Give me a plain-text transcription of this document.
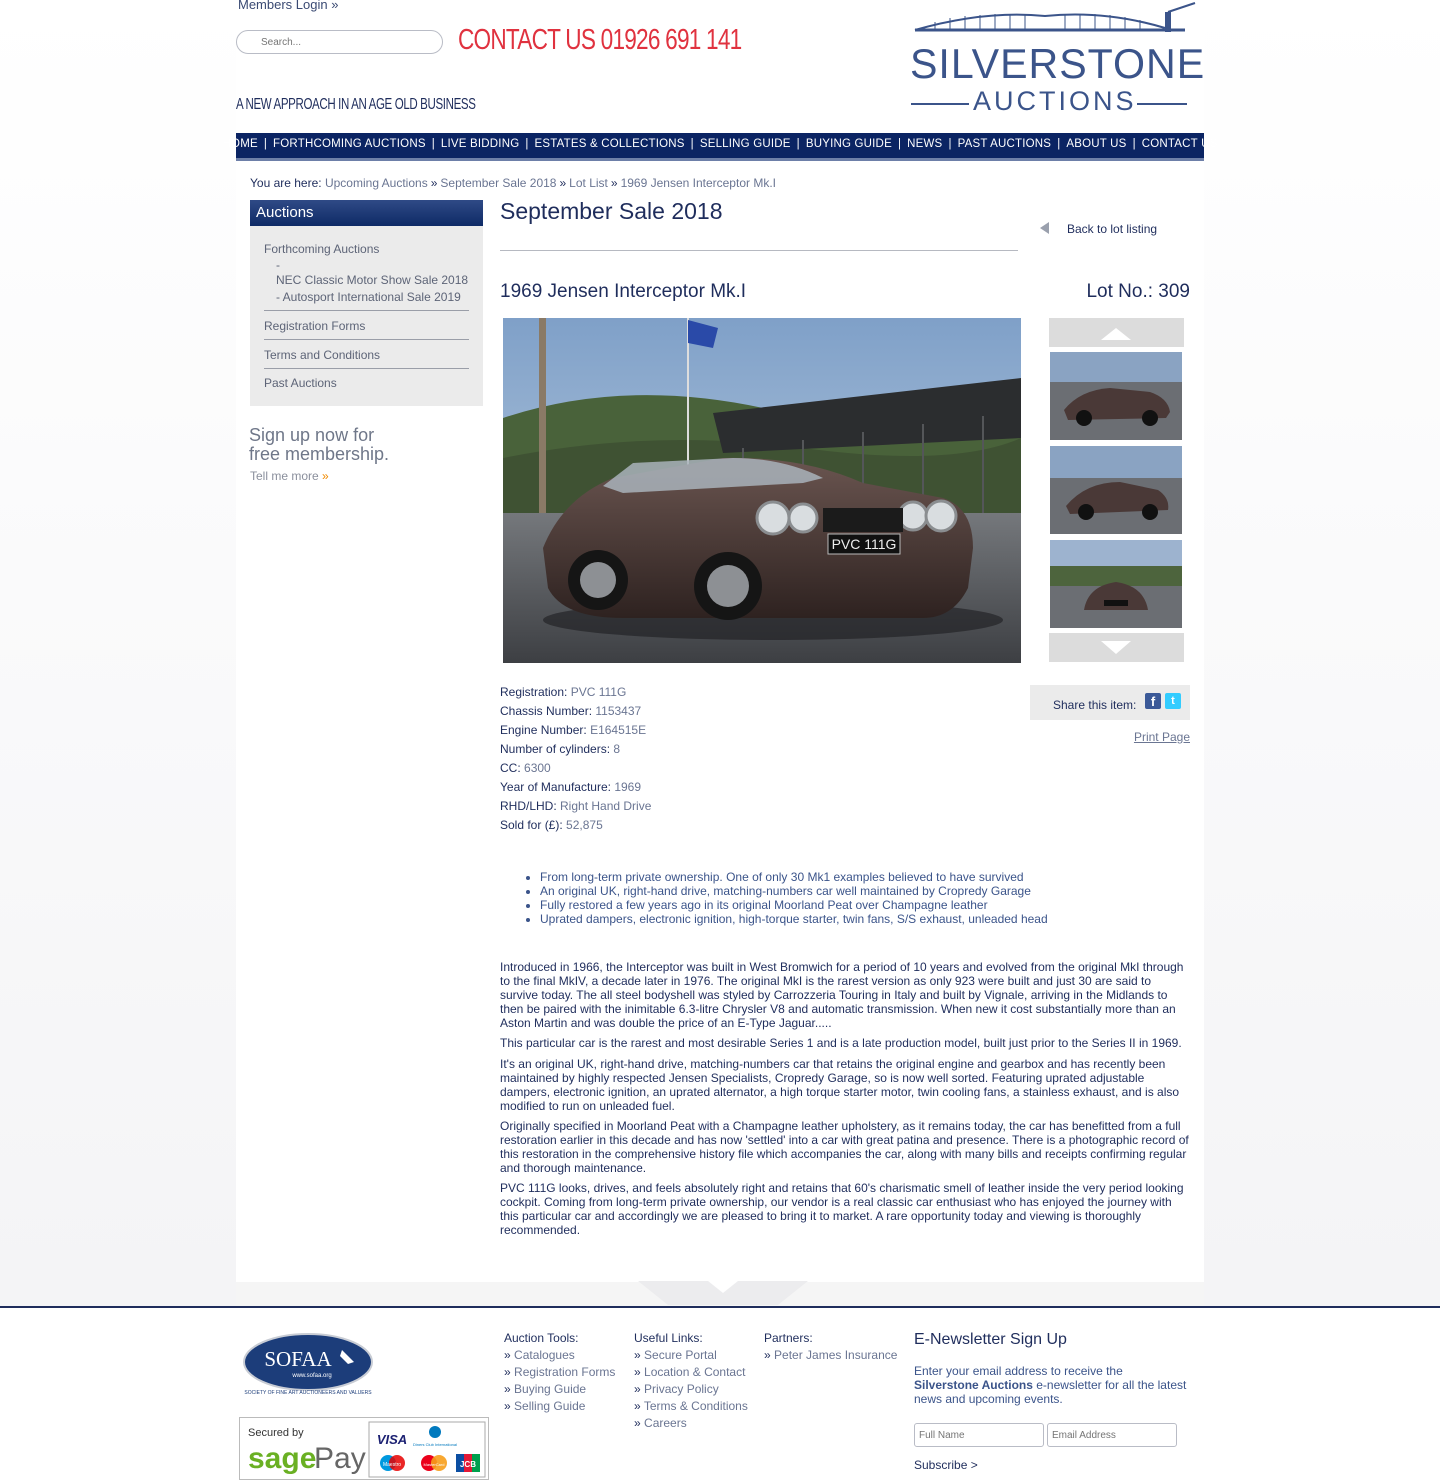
Members Login »
Search...
CONTACT US 01926 691 141
A NEW APPROACH IN AN AGE OLD BUSINESS
SILVERSTONE
AUCTIONS
HOME | FORTHCOMING AUCTIONS | LIVE BIDDING | ESTATES & COLLECTIONS | SELLING GUIDE | BUYING GUIDE | NEWS | PAST AUCTIONS | ABOUT US | CONTACT US
You are here: Upcoming Auctions » September Sale 2018 » Lot List » 1969 Jensen Interceptor Mk.I
Auctions
Forthcoming Auctions
-
NEC Classic Motor Show Sale 2018
- Autosport International Sale 2019
Registration Forms
Terms and Conditions
Past Auctions
Sign up now for
free membership.
Tell me more »
September Sale 2018
Back to lot listing
1969 Jensen Interceptor Mk.I	Lot No.: 309
PVC 111G
Registration: PVC 111G
Chassis Number: 1153437
Engine Number: E164515E
Number of cylinders: 8
CC: 6300
Year of Manufacture: 1969
RHD/LHD: Right Hand Drive
Sold for (£): 52,875
Share this item:	f	t
Print Page
• From long-term private ownership. One of only 30 Mk1 examples believed to have survived
• An original UK, right-hand drive, matching-numbers car well maintained by Cropredy Garage
• Fully restored a few years ago in its original Moorland Peat over Champagne leather
• Uprated dampers, electronic ignition, high-torque starter, twin fans, S/S exhaust, unleaded head
Introduced in 1966, the Interceptor was built in West Bromwich for a period of 10 years and evolved from the original MkI through to the final MkIV, a decade later in 1976. The original MkI is the rarest version as only 923 were built and just 30 are said to survive today. The all steel bodyshell was styled by Carrozzeria Touring in Italy and built by Vignale, arriving in the Midlands to then be paired with the inimitable 6.3-litre Chrysler V8 and automatic transmission. When new it cost substantially more than an Aston Martin and was double the price of an E-Type Jaguar.....
This particular car is the rarest and most desirable Series 1 and is a late production model, built just prior to the Series II in 1969.
It's an original UK, right-hand drive, matching-numbers car that retains the original engine and gearbox and has recently been maintained by highly respected Jensen Specialists, Cropredy Garage, so is now well sorted. Featuring uprated adjustable dampers, electronic ignition, an uprated alternator, a high torque starter motor, twin cooling fans, a stainless exhaust, and is also modified to run on unleaded fuel.
Originally specified in Moorland Peat with a Champagne leather upholstery, as it remains today, the car has benefitted from a full restoration earlier in this decade and has now 'settled' into a car with great patina and presence. There is a photographic record of this restoration in the comprehensive history file which accompanies the car, along with many bills and receipts confirming regular and thorough maintenance.
PVC 111G looks, drives, and feels absolutely right and retains that 60's charismatic smell of leather inside the very period looking cockpit. Coming from long-term private ownership, our vendor is a real classic car enthusiast who has enjoyed the journey with this particular car and accordingly we are pleased to bring it to market. A rare opportunity today and viewing is thoroughly recommended.
SOFAA
www.sofaa.org
SOCIETY OF FINE ART AUCTIONEERS AND VALUERS
Secured by
sage
Pay
VISA Diners Club International
Maestro	MasterCard JCB
Auction Tools:
» Catalogues
» Registration Forms
» Buying Guide
» Selling Guide
Useful Links:
» Secure Portal
» Location & Contact
» Privacy Policy
» Terms & Conditions
» Careers
Partners:
» Peter James Insurance
E-Newsletter Sign Up
Enter your email address to receive the Silverstone Auctions e-newsletter for all the latest news and upcoming events.
Full Name
Email Address
Subscribe >
